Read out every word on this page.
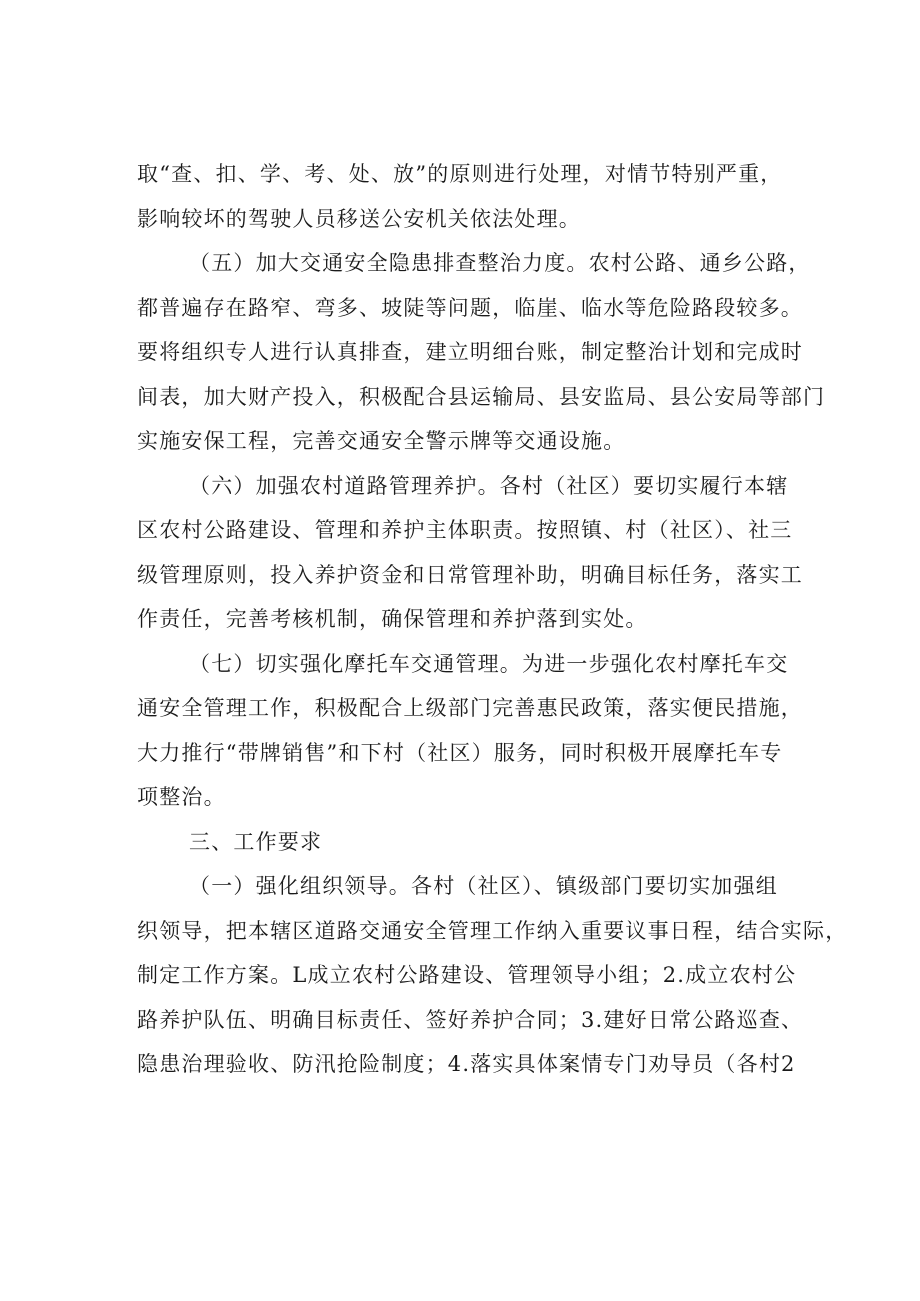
取“查、扣、学、考、处、放”的原则进行处理，对情节特别严重，
影响较坏的驾驶人员移送公安机关依法处理。
（五）加大交通安全隐患排查整治力度。农村公路、通乡公路，
都普遍存在路窄、弯多、坡陡等问题，临崖、临水等危险路段较多。
要将组织专人进行认真排查，建立明细台账，制定整治计划和完成时
间表，加大财产投入，积极配合县运输局、县安监局、县公安局等部门
实施安保工程，完善交通安全警示牌等交通设施。
（六）加强农村道路管理养护。各村（社区）要切实履行本辖
区农村公路建设、管理和养护主体职责。按照镇、村（社区）、社三
级管理原则，投入养护资金和日常管理补助，明确目标任务，落实工
作责任，完善考核机制，确保管理和养护落到实处。
（七）切实强化摩托车交通管理。为进一步强化农村摩托车交
通安全管理工作，积极配合上级部门完善惠民政策，落实便民措施，
大力推行“带牌销售”和下村（社区）服务，同时积极开展摩托车专
项整治。
三、工作要求
（一）强化组织领导。各村（社区）、镇级部门要切实加强组
织领导，把本辖区道路交通安全管理工作纳入重要议事日程，结合实际，
制定工作方案。L成立农村公路建设、管理领导小组；2.成立农村公
路养护队伍、明确目标责任、签好养护合同；3.建好日常公路巡查、
隐患治理验收、防汛抢险制度；4.落实具体案情专门劝导员（各村2
